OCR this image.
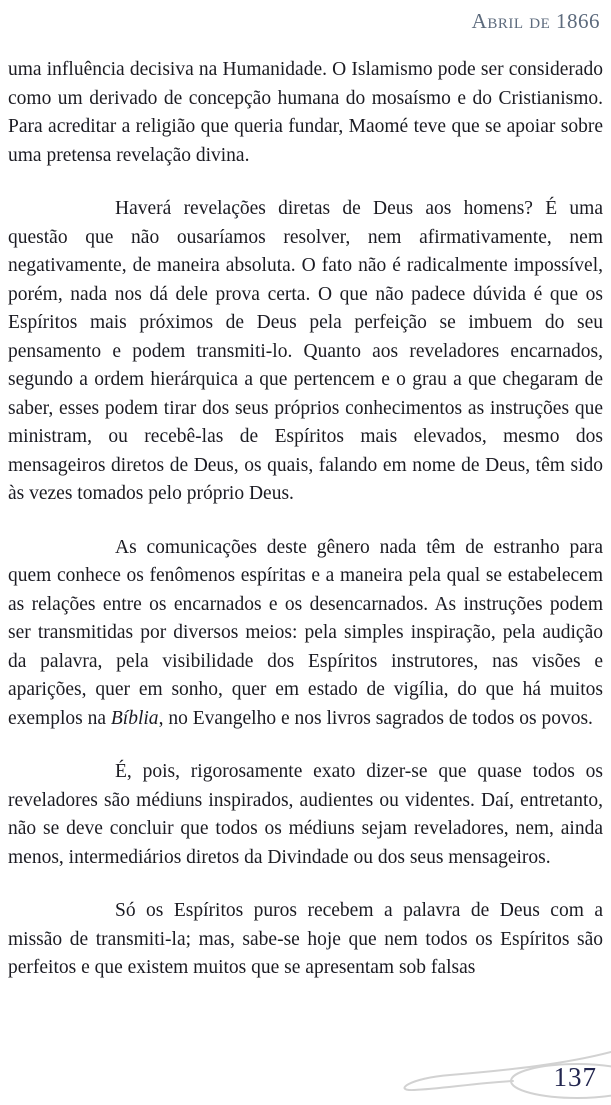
Abril de 1866

uma influência decisiva na Humanidade. O Islamismo pode ser considerado como um derivado de concepção humana do mosaísmo e do Cristianismo. Para acreditar a religião que queria fundar, Maomé teve que se apoiar sobre uma pretensa revelação divina.

Haverá revelações diretas de Deus aos homens? É uma questão que não ousaríamos resolver, nem afirmativamente, nem negativamente, de maneira absoluta. O fato não é radicalmente impossível, porém, nada nos dá dele prova certa. O que não padece dúvida é que os Espíritos mais próximos de Deus pela perfeição se imbuem do seu pensamento e podem transmiti-lo. Quanto aos reveladores encarnados, segundo a ordem hierárquica a que pertencem e o grau a que chegaram de saber, esses podem tirar dos seus próprios conhecimentos as instruções que ministram, ou recebê-las de Espíritos mais elevados, mesmo dos mensageiros diretos de Deus, os quais, falando em nome de Deus, têm sido às vezes tomados pelo próprio Deus.

As comunicações deste gênero nada têm de estranho para quem conhece os fenômenos espíritas e a maneira pela qual se estabelecem as relações entre os encarnados e os desencarnados. As instruções podem ser transmitidas por diversos meios: pela simples inspiração, pela audição da palavra, pela visibilidade dos Espíritos instrutores, nas visões e aparições, quer em sonho, quer em estado de vigília, do que há muitos exemplos na Bíblia, no Evangelho e nos livros sagrados de todos os povos.

É, pois, rigorosamente exato dizer-se que quase todos os reveladores são médiuns inspirados, audientes ou videntes. Daí, entretanto, não se deve concluir que todos os médiuns sejam reveladores, nem, ainda menos, intermediários diretos da Divindade ou dos seus mensageiros.

Só os Espíritos puros recebem a palavra de Deus com a missão de transmiti-la; mas, sabe-se hoje que nem todos os Espíritos são perfeitos e que existem muitos que se apresentam sob falsas

137
